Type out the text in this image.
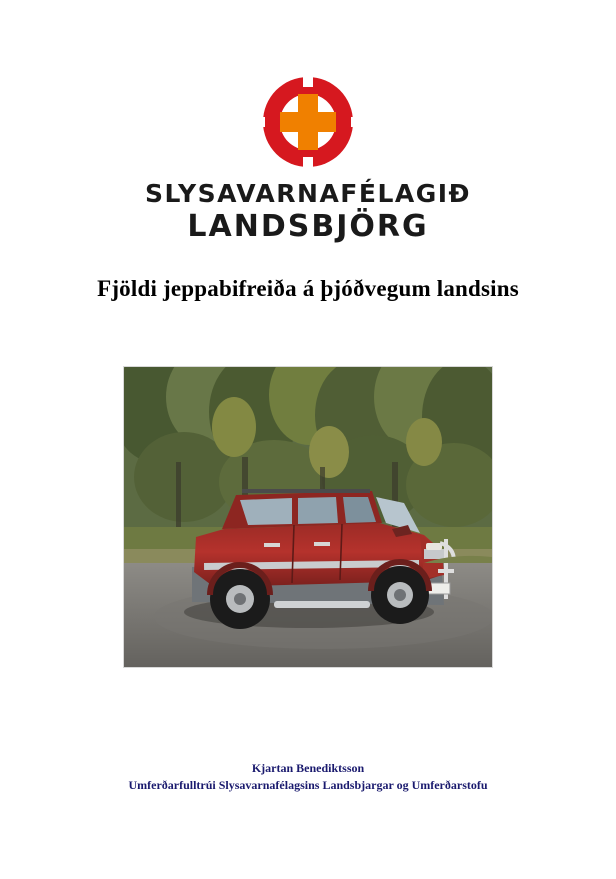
SLYSAVARNAFÉLAGIÐ
LANDSBJÖRG
Fjöldi jeppabifreiða á þjóðvegum landsins
Kjartan Benediktsson
Umferðarfulltrúi Slysavarnafélagsins Landsbjargar og Umferðarstofu
